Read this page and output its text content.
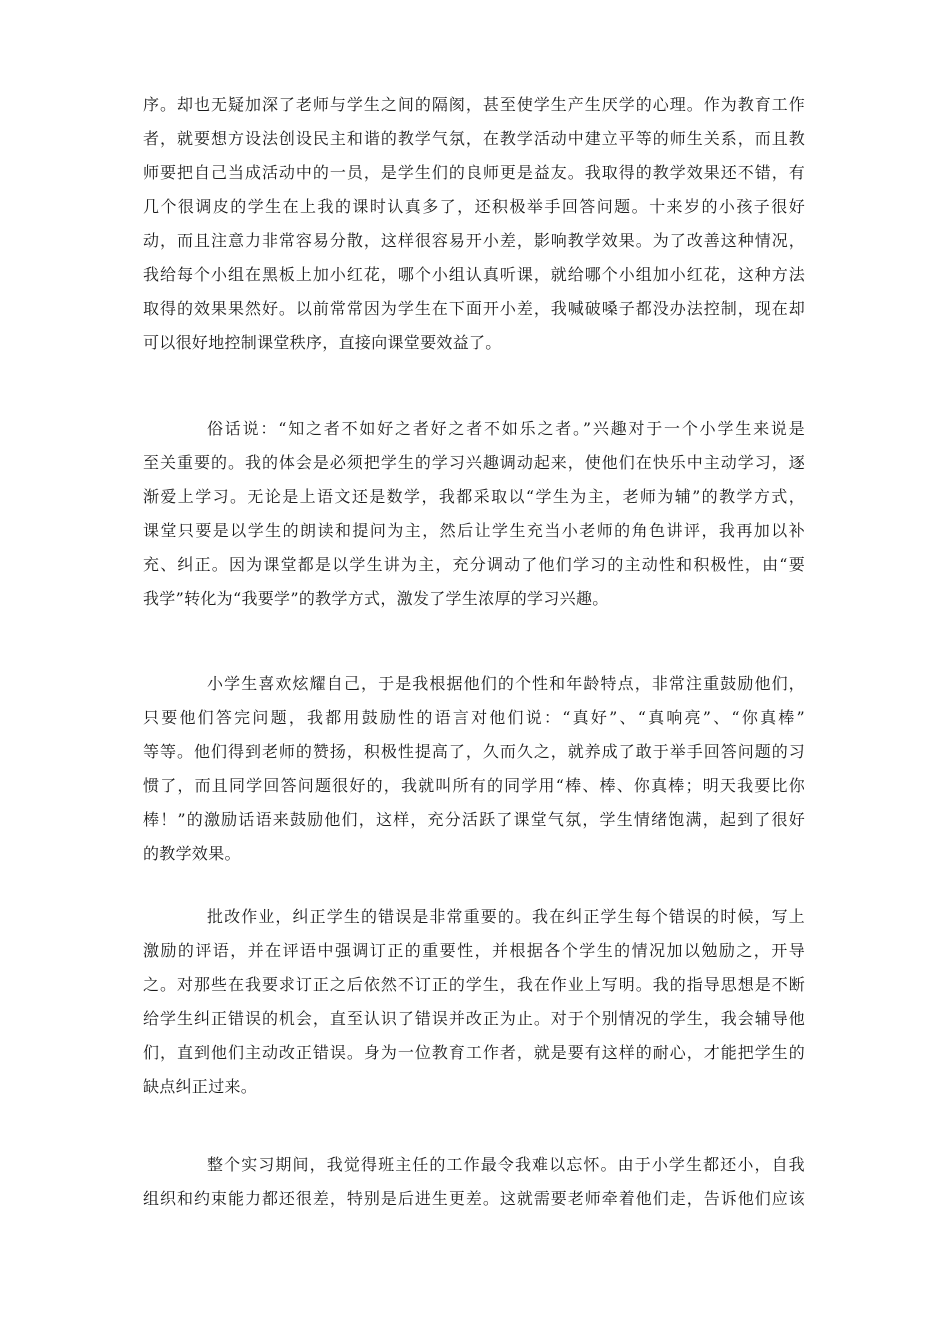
序。却也无疑加深了老师与学生之间的隔阂，甚至使学生产生厌学的心理。作为教育工作
者，就要想方设法创设民主和谐的教学气氛，在教学活动中建立平等的师生关系，而且教
师要把自己当成活动中的一员，是学生们的良师更是益友。我取得的教学效果还不错，有
几个很调皮的学生在上我的课时认真多了，还积极举手回答问题。十来岁的小孩子很好
动，而且注意力非常容易分散，这样很容易开小差，影响教学效果。为了改善这种情况，
我给每个小组在黑板上加小红花，哪个小组认真听课，就给哪个小组加小红花，这种方法
取得的效果果然好。以前常常因为学生在下面开小差，我喊破嗓子都没办法控制，现在却
可以很好地控制课堂秩序，直接向课堂要效益了。
俗话说：“知之者不如好之者好之者不如乐之者。”兴趣对于一个小学生来说是
至关重要的。我的体会是必须把学生的学习兴趣调动起来，使他们在快乐中主动学习，逐
渐爱上学习。无论是上语文还是数学，我都采取以“学生为主，老师为辅”的教学方式，
课堂只要是以学生的朗读和提问为主，然后让学生充当小老师的角色讲评，我再加以补
充、纠正。因为课堂都是以学生讲为主，充分调动了他们学习的主动性和积极性，由“要
我学”转化为“我要学”的教学方式，激发了学生浓厚的学习兴趣。
小学生喜欢炫耀自己，于是我根据他们的个性和年龄特点，非常注重鼓励他们，
只要他们答完问题，我都用鼓励性的语言对他们说：“真好”、“真响亮”、“你真棒”
等等。他们得到老师的赞扬，积极性提高了，久而久之，就养成了敢于举手回答问题的习
惯了，而且同学回答问题很好的，我就叫所有的同学用“棒、棒、你真棒；明天我要比你
棒！”的激励话语来鼓励他们，这样，充分活跃了课堂气氛，学生情绪饱满，起到了很好
的教学效果。
批改作业，纠正学生的错误是非常重要的。我在纠正学生每个错误的时候，写上
激励的评语，并在评语中强调订正的重要性，并根据各个学生的情况加以勉励之，开导
之。对那些在我要求订正之后依然不订正的学生，我在作业上写明。我的指导思想是不断
给学生纠正错误的机会，直至认识了错误并改正为止。对于个别情况的学生，我会辅导他
们，直到他们主动改正错误。身为一位教育工作者，就是要有这样的耐心，才能把学生的
缺点纠正过来。
整个实习期间，我觉得班主任的工作最令我难以忘怀。由于小学生都还小，自我
组织和约束能力都还很差，特别是后进生更差。这就需要老师牵着他们走，告诉他们应该
